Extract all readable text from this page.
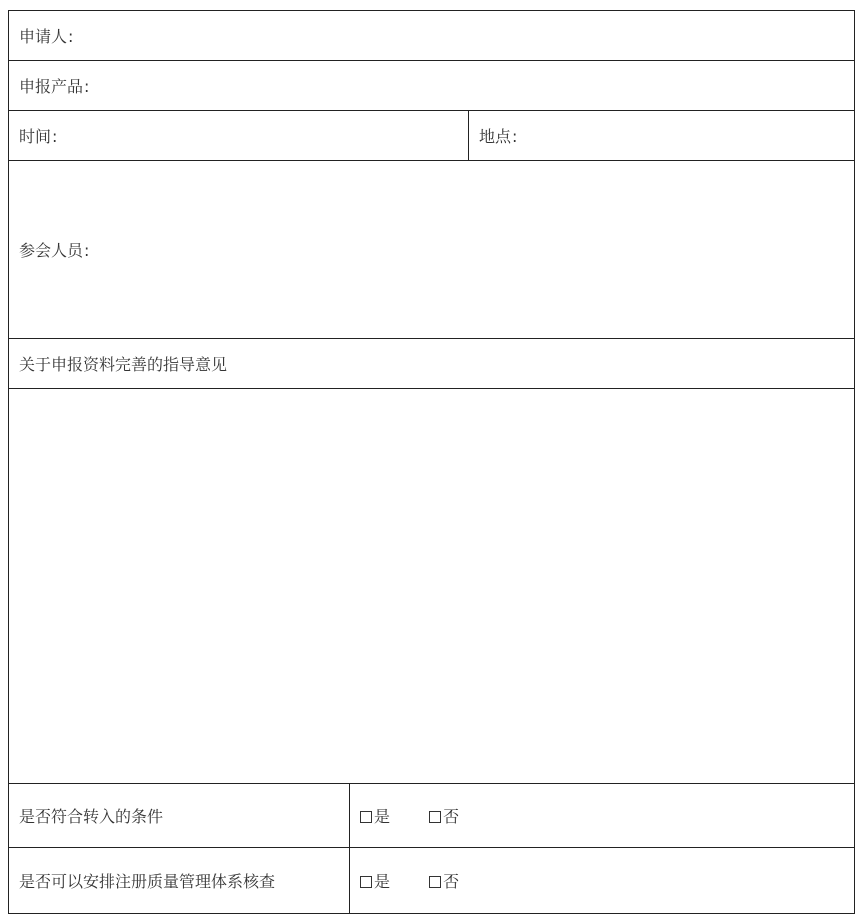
申请人 :
申报产品 :
时间 :		地点 :
参会人员 :
关于申报资料完善的指导意见		

是否符合转入的条件	是 否	
是否可以安排注册质量管理体系核查	是 否	
